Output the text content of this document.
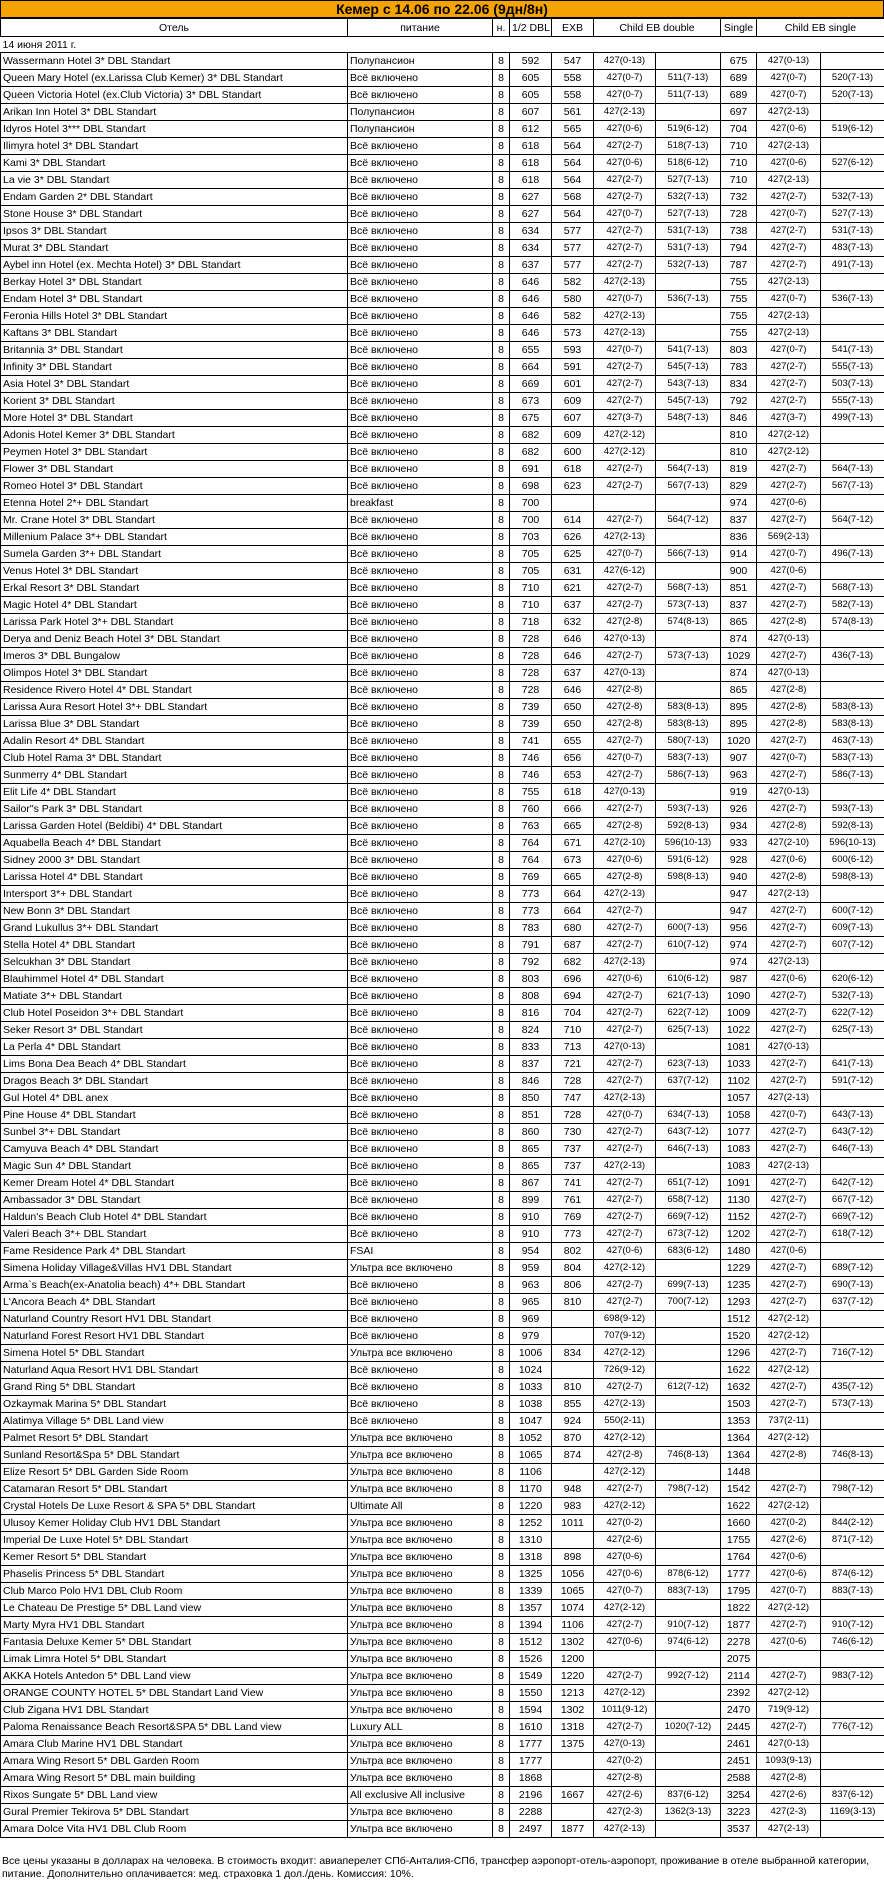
Кемер с 14.06 по 22.06 (9дн/8н)
Отель	питание	н.	1/2 DBL	EXB	Child EB double		Single	Child EB single	
14 июня 2011 г.									
Wassermann Hotel 3* DBL Standart	Полупансион	8	592	547	427(0-13)		675	427(0-13)	
Queen Mary Hotel (ex.Larissa Club Kemer) 3* DBL Standart	Всё включено	8	605	558	427(0-7)	511(7-13)	689	427(0-7)	520(7-13)
Queen Victoria Hotel (ex.Club Victoria) 3* DBL Standart	Всё включено	8	605	558	427(0-7)	511(7-13)	689	427(0-7)	520(7-13)
Arikan Inn Hotel 3* DBL Standart	Полупансион	8	607	561	427(2-13)		697	427(2-13)	
Idyros Hotel 3*** DBL Standart	Полупансион	8	612	565	427(0-6)	519(6-12)	704	427(0-6)	519(6-12)
Ilimyra hotel 3* DBL Standart	Всё включено	8	618	564	427(2-7)	518(7-13)	710	427(2-13)	
Kami 3* DBL Standart	Всё включено	8	618	564	427(0-6)	518(6-12)	710	427(0-6)	527(6-12)
La vie 3* DBL Standart	Всё включено	8	618	564	427(2-7)	527(7-13)	710	427(2-13)	
Endam Garden 2* DBL Standart	Всё включено	8	627	568	427(2-7)	532(7-13)	732	427(2-7)	532(7-13)
Stone House 3* DBL Standart	Всё включено	8	627	564	427(0-7)	527(7-13)	728	427(0-7)	527(7-13)
Ipsos 3* DBL Standart	Всё включено	8	634	577	427(2-7)	531(7-13)	738	427(2-7)	531(7-13)
Murat 3* DBL Standart	Всё включено	8	634	577	427(2-7)	531(7-13)	794	427(2-7)	483(7-13)
Aybel inn Hotel (ex. Mechta Hotel) 3* DBL Standart	Всё включено	8	637	577	427(2-7)	532(7-13)	787	427(2-7)	491(7-13)
Berkay Hotel 3* DBL Standart	Всё включено	8	646	582	427(2-13)		755	427(2-13)	
Endam Hotel 3* DBL Standart	Всё включено	8	646	580	427(0-7)	536(7-13)	755	427(0-7)	536(7-13)
Feronia Hills Hotel 3* DBL Standart	Всё включено	8	646	582	427(2-13)		755	427(2-13)	
Kaftans 3* DBL Standart	Всё включено	8	646	573	427(2-13)		755	427(2-13)	
Britannia 3* DBL Standart	Всё включено	8	655	593	427(0-7)	541(7-13)	803	427(0-7)	541(7-13)
Infinity 3* DBL Standart	Всё включено	8	664	591	427(2-7)	545(7-13)	783	427(2-7)	555(7-13)
Asia Hotel 3* DBL Standart	Всё включено	8	669	601	427(2-7)	543(7-13)	834	427(2-7)	503(7-13)
Korient 3* DBL Standart	Всё включено	8	673	609	427(2-7)	545(7-13)	792	427(2-7)	555(7-13)
More Hotel 3* DBL Standart	Всё включено	8	675	607	427(3-7)	548(7-13)	846	427(3-7)	499(7-13)
Adonis Hotel Kemer 3* DBL Standart	Всё включено	8	682	609	427(2-12)		810	427(2-12)	
Peymen Hotel 3* DBL Standart	Всё включено	8	682	600	427(2-12)		810	427(2-12)	
Flower 3* DBL Standart	Всё включено	8	691	618	427(2-7)	564(7-13)	819	427(2-7)	564(7-13)
Romeo Hotel 3* DBL Standart	Всё включено	8	698	623	427(2-7)	567(7-13)	829	427(2-7)	567(7-13)
Etenna Hotel 2*+ DBL Standart	breakfast	8	700				974	427(0-6)	
Mr. Crane Hotel 3* DBL Standart	Всё включено	8	700	614	427(2-7)	564(7-12)	837	427(2-7)	564(7-12)
Millenium Palace 3*+ DBL Standart	Всё включено	8	703	626	427(2-13)		836	569(2-13)	
Sumela Garden 3*+ DBL Standart	Всё включено	8	705	625	427(0-7)	566(7-13)	914	427(0-7)	496(7-13)
Venus Hotel 3* DBL Standart	Всё включено	8	705	631	427(6-12)		900	427(0-6)	
Erkal Resort 3* DBL Standart	Всё включено	8	710	621	427(2-7)	568(7-13)	851	427(2-7)	568(7-13)
Magic Hotel 4* DBL Standart	Всё включено	8	710	637	427(2-7)	573(7-13)	837	427(2-7)	582(7-13)
Larissa Park Hotel 3*+ DBL Standart	Всё включено	8	718	632	427(2-8)	574(8-13)	865	427(2-8)	574(8-13)
Derya and Deniz Beach Hotel 3* DBL Standart	Всё включено	8	728	646	427(0-13)		874	427(0-13)	
Imeros 3* DBL Bungalow	Всё включено	8	728	646	427(2-7)	573(7-13)	1029	427(2-7)	436(7-13)
Olimpos Hotel 3* DBL Standart	Всё включено	8	728	637	427(0-13)		874	427(0-13)	
Residence Rivero Hotel 4* DBL Standart	Всё включено	8	728	646	427(2-8)		865	427(2-8)	
Larissa Aura Resort Hotel 3*+ DBL Standart	Всё включено	8	739	650	427(2-8)	583(8-13)	895	427(2-8)	583(8-13)
Larissa Blue 3* DBL Standart	Всё включено	8	739	650	427(2-8)	583(8-13)	895	427(2-8)	583(8-13)
Adalin Resort 4* DBL Standart	Всё включено	8	741	655	427(2-7)	580(7-13)	1020	427(2-7)	463(7-13)
Club Hotel Rama 3* DBL Standart	Всё включено	8	746	656	427(0-7)	583(7-13)	907	427(0-7)	583(7-13)
Sunmerry 4* DBL Standart	Всё включено	8	746	653	427(2-7)	586(7-13)	963	427(2-7)	586(7-13)
Elit Life 4* DBL Standart	Всё включено	8	755	618	427(0-13)		919	427(0-13)	
Sailor"s Park 3* DBL Standart	Всё включено	8	760	666	427(2-7)	593(7-13)	926	427(2-7)	593(7-13)
Larissa Garden Hotel (Beldibi) 4* DBL Standart	Всё включено	8	763	665	427(2-8)	592(8-13)	934	427(2-8)	592(8-13)
Aquabella Beach 4* DBL Standart	Всё включено	8	764	671	427(2-10)	596(10-13)	933	427(2-10)	596(10-13)
Sidney 2000 3* DBL Standart	Всё включено	8	764	673	427(0-6)	591(6-12)	928	427(0-6)	600(6-12)
Larissa Hotel 4* DBL Standart	Всё включено	8	769	665	427(2-8)	598(8-13)	940	427(2-8)	598(8-13)
Intersport 3*+ DBL Standart	Всё включено	8	773	664	427(2-13)		947	427(2-13)	
New Bonn 3* DBL Standart	Всё включено	8	773	664	427(2-7)		947	427(2-7)	600(7-12)
Grand Lukullus 3*+ DBL Standart	Всё включено	8	783	680	427(2-7)	600(7-13)	956	427(2-7)	609(7-13)
Stella Hotel 4* DBL Standart	Всё включено	8	791	687	427(2-7)	610(7-12)	974	427(2-7)	607(7-12)
Selcukhan 3* DBL Standart	Всё включено	8	792	682	427(2-13)		974	427(2-13)	
Blauhimmel Hotel 4* DBL Standart	Всё включено	8	803	696	427(0-6)	610(6-12)	987	427(0-6)	620(6-12)
Matiate 3*+ DBL Standart	Всё включено	8	808	694	427(2-7)	621(7-13)	1090	427(2-7)	532(7-13)
Club Hotel Poseidon 3*+ DBL Standart	Всё включено	8	816	704	427(2-7)	622(7-12)	1009	427(2-7)	622(7-12)
Seker Resort 3* DBL Standart	Всё включено	8	824	710	427(2-7)	625(7-13)	1022	427(2-7)	625(7-13)
La Perla 4* DBL Standart	Всё включено	8	833	713	427(0-13)		1081	427(0-13)	
Lims Bona Dea Beach 4* DBL Standart	Всё включено	8	837	721	427(2-7)	623(7-13)	1033	427(2-7)	641(7-13)
Dragos Beach 3* DBL Standart	Всё включено	8	846	728	427(2-7)	637(7-12)	1102	427(2-7)	591(7-12)
Gul Hotel 4* DBL anex	Всё включено	8	850	747	427(2-13)		1057	427(2-13)	
Pine House 4* DBL Standart	Всё включено	8	851	728	427(0-7)	634(7-13)	1058	427(0-7)	643(7-13)
Sunbel 3*+ DBL Standart	Всё включено	8	860	730	427(2-7)	643(7-12)	1077	427(2-7)	643(7-12)
Camyuva Beach 4* DBL Standart	Всё включено	8	865	737	427(2-7)	646(7-13)	1083	427(2-7)	646(7-13)
Magic Sun 4* DBL Standart	Всё включено	8	865	737	427(2-13)		1083	427(2-13)	
Kemer Dream Hotel 4* DBL Standart	Всё включено	8	867	741	427(2-7)	651(7-12)	1091	427(2-7)	642(7-12)
Ambassador 3* DBL Standart	Всё включено	8	899	761	427(2-7)	658(7-12)	1130	427(2-7)	667(7-12)
Haldun's Beach Club Hotel 4* DBL Standart	Всё включено	8	910	769	427(2-7)	669(7-12)	1152	427(2-7)	669(7-12)
Valeri Beach 3*+ DBL Standart	Всё включено	8	910	773	427(2-7)	673(7-12)	1202	427(2-7)	618(7-12)
Fame Residence Park 4* DBL Standart	FSAI	8	954	802	427(0-6)	683(6-12)	1480	427(0-6)	
Simena Holiday Village&Villas HV1 DBL Standart	Ультра все включено	8	959	804	427(2-12)		1229	427(2-7)	689(7-12)
Arma`s Beach(ex-Anatolia beach) 4*+ DBL Standart	Всё включено	8	963	806	427(2-7)	699(7-13)	1235	427(2-7)	690(7-13)
L'Ancora Beach 4* DBL Standart	Всё включено	8	965	810	427(2-7)	700(7-12)	1293	427(2-7)	637(7-12)
Naturland Country Resort HV1 DBL Standart	Всё включено	8	969		698(9-12)		1512	427(2-12)	
Naturland Forest Resort HV1 DBL Standart	Всё включено	8	979		707(9-12)		1520	427(2-12)	
Simena Hotel 5* DBL Standart	Ультра все включено	8	1006	834	427(2-12)		1296	427(2-7)	716(7-12)
Naturland Aqua Resort HV1 DBL Standart	Всё включено	8	1024		726(9-12)		1622	427(2-12)	
Grand Ring 5* DBL Standart	Всё включено	8	1033	810	427(2-7)	612(7-12)	1632	427(2-7)	435(7-12)
Ozkaymak Marina 5* DBL Standart	Всё включено	8	1038	855	427(2-13)		1503	427(2-7)	573(7-13)
Alatimya Village 5* DBL Land view	Всё включено	8	1047	924	550(2-11)		1353	737(2-11)	
Palmet Resort 5* DBL Standart	Ультра все включено	8	1052	870	427(2-12)		1364	427(2-12)	
Sunland Resort&Spa 5* DBL Standart	Ультра все включено	8	1065	874	427(2-8)	746(8-13)	1364	427(2-8)	746(8-13)
Elize Resort 5* DBL Garden Side Room	Ультра все включено	8	1106		427(2-12)		1448		
Catamaran Resort 5* DBL Standart	Ультра все включено	8	1170	948	427(2-7)	798(7-12)	1542	427(2-7)	798(7-12)
Crystal Hotels De Luxe Resort & SPA 5* DBL Standart	Ultimate All	8	1220	983	427(2-12)		1622	427(2-12)	
Ulusoy Kemer Holiday Club HV1 DBL Standart	Ультра все включено	8	1252	1011	427(0-2)		1660	427(0-2)	844(2-12)
Imperial De Luxe Hotel 5* DBL Standart	Ультра все включено	8	1310		427(2-6)		1755	427(2-6)	871(7-12)
Kemer Resort 5* DBL Standart	Ультра все включено	8	1318	898	427(0-6)		1764	427(0-6)	
Phaselis Princess 5* DBL Standart	Ультра все включено	8	1325	1056	427(0-6)	878(6-12)	1777	427(0-6)	874(6-12)
Club Marco Polo HV1 DBL Club Room	Ультра все включено	8	1339	1065	427(0-7)	883(7-13)	1795	427(0-7)	883(7-13)
Le Chateau De Prestige 5* DBL Land view	Ультра все включено	8	1357	1074	427(2-12)		1822	427(2-12)	
Marty Myra HV1 DBL Standart	Ультра все включено	8	1394	1106	427(2-7)	910(7-12)	1877	427(2-7)	910(7-12)
Fantasia Deluxe Kemer 5* DBL Standart	Ультра все включено	8	1512	1302	427(0-6)	974(6-12)	2278	427(0-6)	746(6-12)
Limak Limra Hotel 5* DBL Standart	Ультра все включено	8	1526	1200			2075		
AKKA Hotels Antedon 5* DBL Land view	Ультра все включено	8	1549	1220	427(2-7)	992(7-12)	2114	427(2-7)	983(7-12)
ORANGE COUNTY HOTEL 5* DBL Standart Land View	Ультра все включено	8	1550	1213	427(2-12)		2392	427(2-12)	
Club Zigana HV1 DBL Standart	Ультра все включено	8	1594	1302	1011(9-12)		2470	719(9-12)	
Paloma Renaissance Beach Resort&SPA 5* DBL Land view	Luxury ALL	8	1610	1318	427(2-7)	1020(7-12)	2445	427(2-7)	776(7-12)
Amara Club Marine HV1 DBL Standart	Ультра все включено	8	1777	1375	427(0-13)		2461	427(0-13)	
Amara Wing Resort 5* DBL Garden Room	Ультра все включено	8	1777		427(0-2)		2451	1093(9-13)	
Amara Wing Resort 5* DBL main building	Ультра все включено	8	1868		427(2-8)		2588	427(2-8)	
Rixos Sungate 5* DBL Land view	All exclusive All inclusive	8	2196	1667	427(2-6)	837(6-12)	3254	427(2-6)	837(6-12)
Gural Premier Tekirova 5* DBL Standart	Ультра все включено	8	2288		427(2-3)	1362(3-13)	3223	427(2-3)	1169(3-13)
Amara Dolce Vita HV1 DBL Club Room	Ультра все включено	8	2497	1877	427(2-13)		3537	427(2-13)	
Все цены указаны в долларах на человека. В стоимость входит: авиаперелет СПб-Анталия-СПб, трансфер аэропорт-отель-аэропорт, проживание в отеле выбранной категории, питание. Дополнительно оплачивается: мед. страховка 1 дол./день. Комиссия: 10%.
